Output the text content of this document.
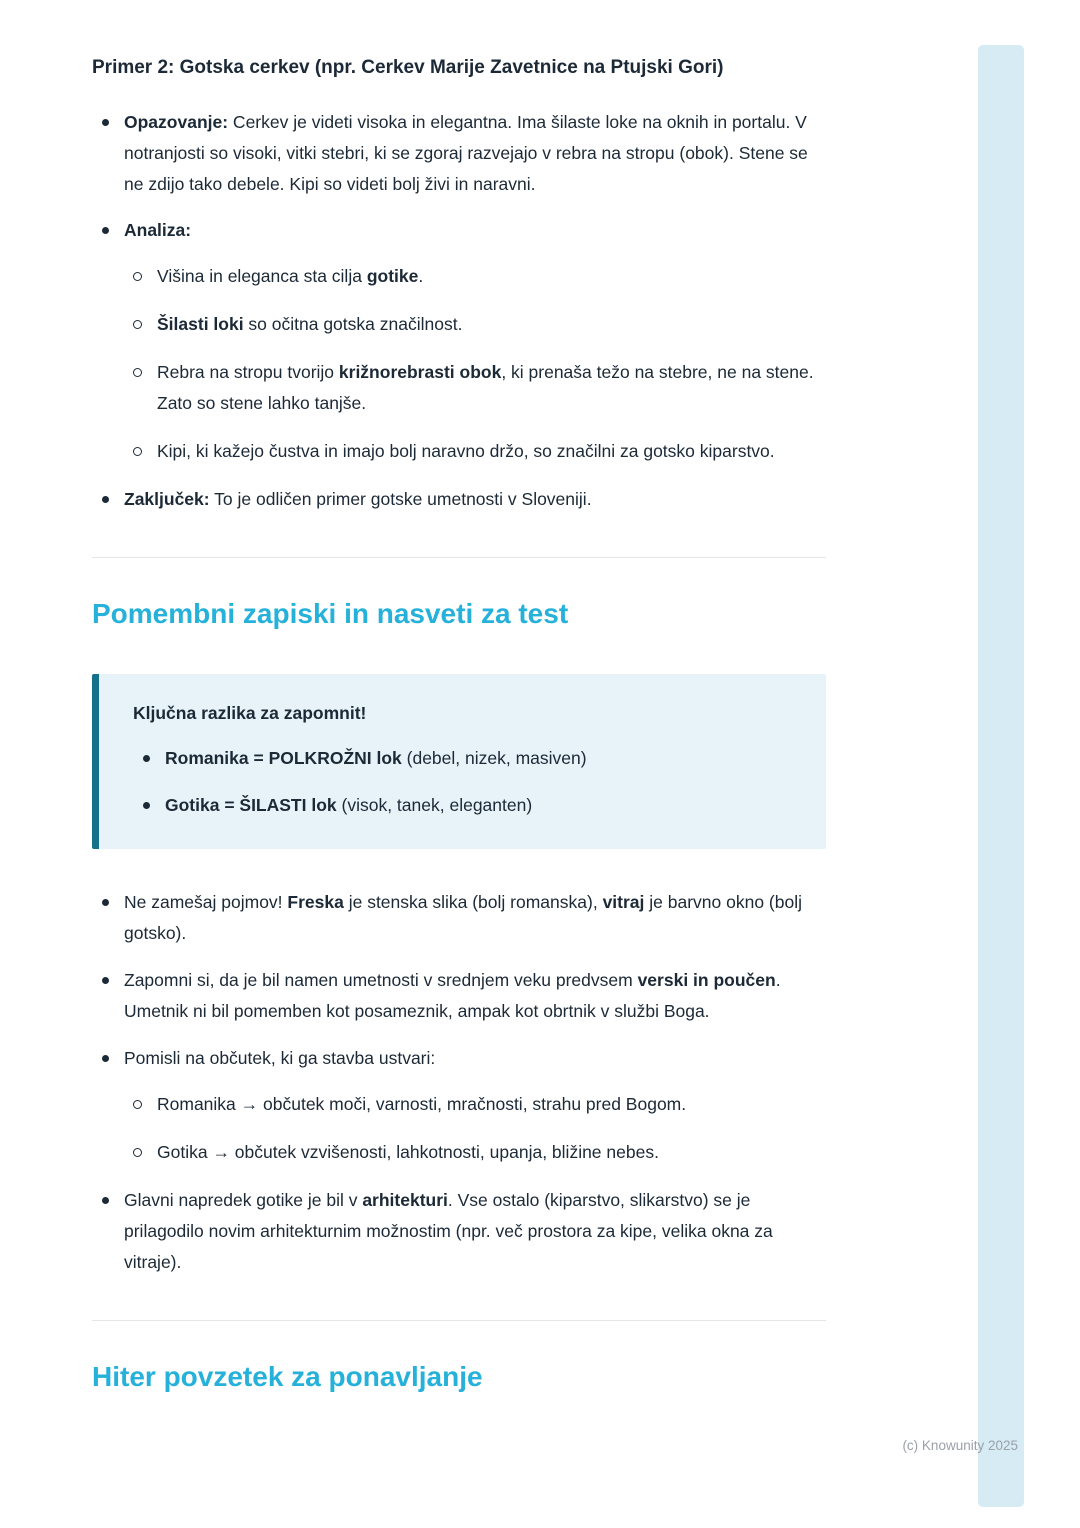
Primer 2: Gotska cerkev (npr. Cerkev Marije Zavetnice na Ptujski Gori)
Opazovanje: Cerkev je videti visoka in elegantna. Ima šilaste loke na oknih in portalu. V notranjosti so visoki, vitki stebri, ki se zgoraj razvejajo v rebra na stropu (obok). Stene se ne zdijo tako debele. Kipi so videti bolj živi in naravni.
Analiza:
Višina in eleganca sta cilja gotike.
Šilasti loki so očitna gotska značilnost.
Rebra na stropu tvorijo križnorebrasti obok, ki prenaša težo na stebre, ne na stene. Zato so stene lahko tanjše.
Kipi, ki kažejo čustva in imajo bolj naravno držo, so značilni za gotsko kiparstvo.
Zaključek: To je odličen primer gotske umetnosti v Sloveniji.
Pomembni zapiski in nasveti za test

Ključna razlika za zapomnit!

Romanika = POLKROŽNI lok (debel, nizek, masiven)
Gotika = ŠILASTI lok (visok, tanek, eleganten)
Ne zamešaj pojmov! Freska je stenska slika (bolj romanska), vitraj je barvno okno (bolj gotsko).
Zapomni si, da je bil namen umetnosti v srednjem veku predvsem verski in poučen. Umetnik ni bil pomemben kot posameznik, ampak kot obrtnik v službi Boga.
Pomisli na občutek, ki ga stavba ustvari:
Romanika → občutek moči, varnosti, mračnosti, strahu pred Bogom.
Gotika → občutek vzvišenosti, lahkotnosti, upanja, bližine nebes.
Glavni napredek gotike je bil v arhitekturi. Vse ostalo (kiparstvo, slikarstvo) se je prilagodilo novim arhitekturnim možnostim (npr. več prostora za kipe, velika okna za vitraje).
Hiter povzetek za ponavljanje
(c) Knowunity 2025
